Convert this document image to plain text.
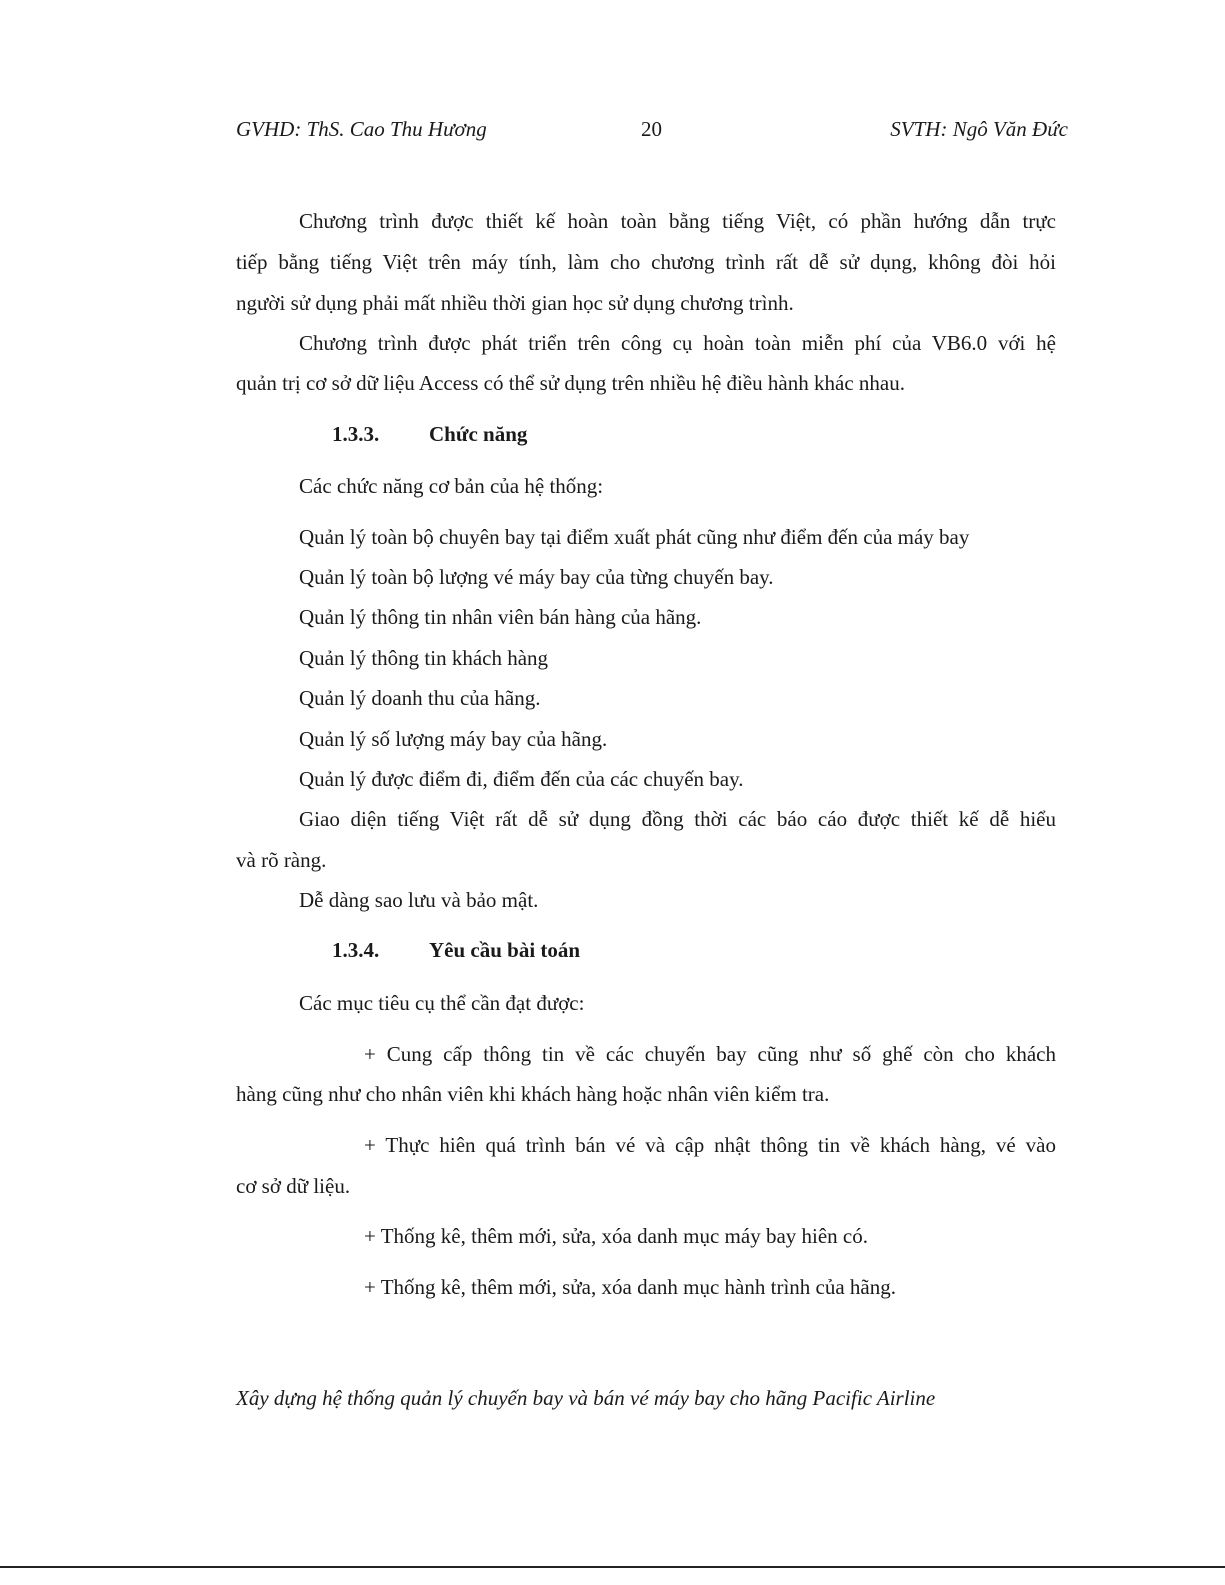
GVHD: ThS. Cao Thu Hương	20	SVTH: Ngô Văn Đức
Chương trình được thiết kế hoàn toàn bằng tiếng Việt, có phần hướng dẫn trực
tiếp bằng tiếng Việt trên máy tính, làm cho chương trình rất dễ sử dụng, không đòi hỏi
người sử dụng phải mất nhiều thời gian học sử dụng chương trình.
Chương trình được phát triển trên công cụ hoàn toàn miễn phí của VB6.0 với hệ
quản trị cơ sở dữ liệu Access có thể sử dụng trên nhiều hệ điều hành khác nhau.
1.3.3. Chức năng
Các chức năng cơ bản của hệ thống:
Quản lý toàn bộ chuyên bay tại điểm xuất phát cũng như điểm đến của máy bay
Quản lý toàn bộ lượng vé máy bay của từng chuyến bay.
Quản lý thông tin nhân viên bán hàng của hãng.
Quản lý thông tin khách hàng
Quản lý doanh thu của hãng.
Quản lý số lượng máy bay của hãng.
Quản lý được điểm đi, điểm đến của các chuyến bay.
Giao diện tiếng Việt rất dễ sử dụng đồng thời các báo cáo được thiết kế dễ hiểu
và rõ ràng.
Dễ dàng sao lưu và bảo mật.
1.3.4. Yêu cầu bài toán
Các mục tiêu cụ thể cần đạt được:
+ Cung cấp thông tin về các chuyến bay cũng như số ghế còn cho khách
hàng cũng như cho nhân viên khi khách hàng hoặc nhân viên kiểm tra.
+ Thực hiên quá trình bán vé và cập nhật thông tin về khách hàng, vé vào
cơ sở dữ liệu.
+ Thống kê, thêm mới, sửa, xóa danh mục máy bay hiên có.
+ Thống kê, thêm mới, sửa, xóa danh mục hành trình của hãng.
Xây dựng hệ thống quản lý chuyến bay và bán vé máy bay cho hãng Pacific Airline
